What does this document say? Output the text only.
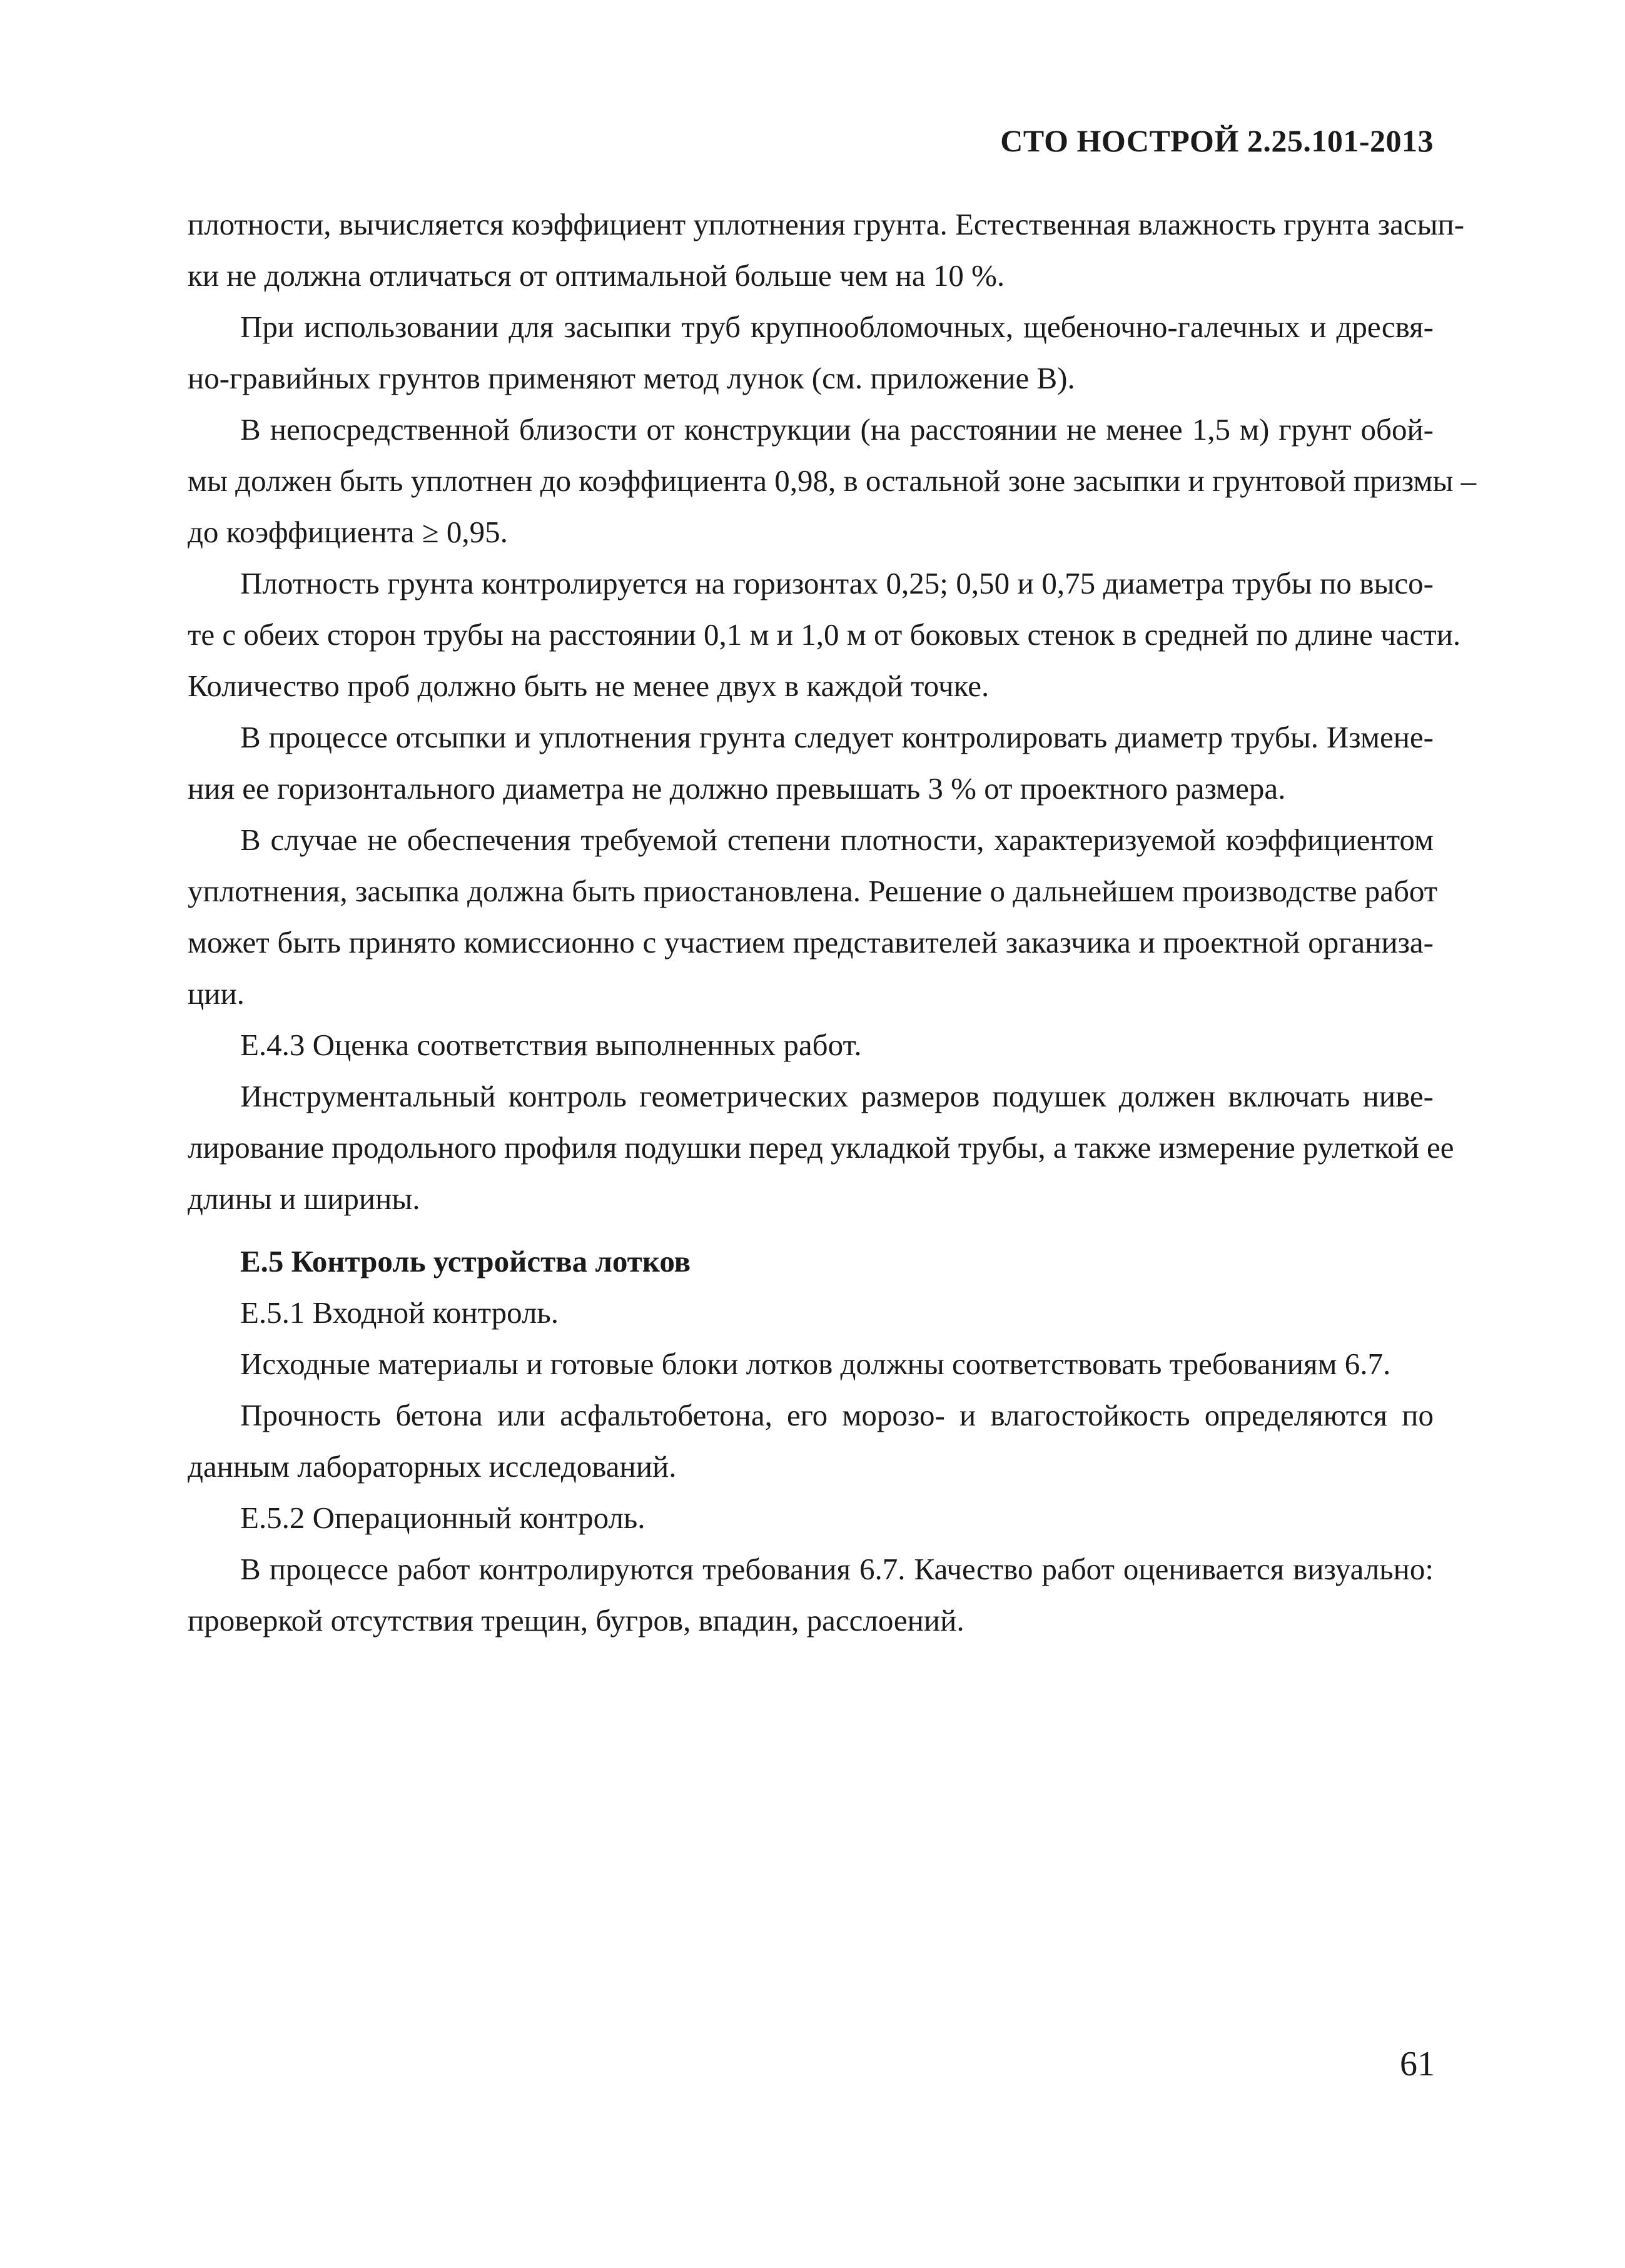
СТО НОСТРОЙ 2.25.101-2013
плотности, вычисляется коэффициент уплотнения грунта. Естественная влажность грунта засып-
ки не должна отличаться от оптимальной больше чем на 10 %.
При использовании для засыпки труб крупнообломочных, щебеночно-галечных и дресвя-
но-гравийных грунтов применяют метод лунок (см. приложение В).
В непосредственной близости от конструкции (на расстоянии не менее 1,5 м) грунт обой-
мы должен быть уплотнен до коэффициента 0,98, в остальной зоне засыпки и грунтовой призмы –
до коэффициента ≥ 0,95.
Плотность грунта контролируется на горизонтах 0,25; 0,50 и 0,75 диаметра трубы по высо-
те с обеих сторон трубы на расстоянии 0,1 м и 1,0 м от боковых стенок в средней по длине части.
Количество проб должно быть не менее двух в каждой точке.
В процессе отсыпки и уплотнения грунта следует контролировать диаметр трубы. Измене-
ния ее горизонтального диаметра не должно превышать 3 % от проектного размера.
В случае не обеспечения требуемой степени плотности, характеризуемой коэффициентом
уплотнения, засыпка должна быть приостановлена. Решение о дальнейшем производстве работ
может быть принято комиссионно с участием представителей заказчика и проектной организа-
ции.
Е.4.3 Оценка соответствия выполненных работ.
Инструментальный контроль геометрических размеров подушек должен включать ниве-
лирование продольного профиля подушки перед укладкой трубы, а также измерение рулеткой ее
длины и ширины.
Е.5 Контроль устройства лотков
Е.5.1 Входной контроль.
Исходные материалы и готовые блоки лотков должны соответствовать требованиям 6.7.
Прочность бетона или асфальтобетона, его морозо- и влагостойкость определяются по
данным лабораторных исследований.
Е.5.2 Операционный контроль.
В процессе работ контролируются требования 6.7. Качество работ оценивается визуально:
проверкой отсутствия трещин, бугров, впадин, расслоений.
61
